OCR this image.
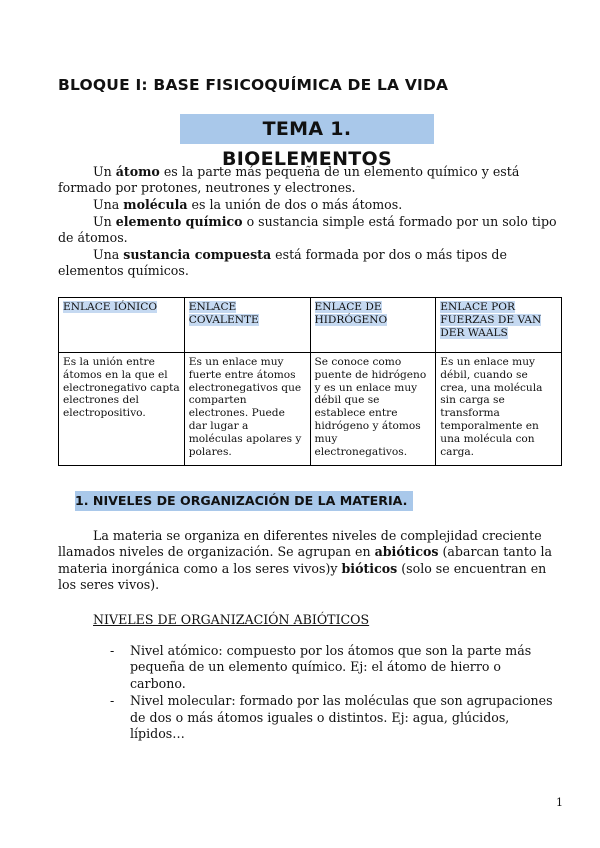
BLOQUE I: BASE FISICOQUÍMICA DE LA VIDA
TEMA 1. BIOELEMENTOS

Un átomo es la parte más pequeña de un elemento químico y está formado por protones, neutrones y electrones.

Una molécula es la unión de dos o más átomos.

Un elemento químico o sustancia simple está formado por un solo tipo de átomos.

Una sustancia compuesta está formada por dos o más tipos de elementos químicos.

ENLACE IÓNICO	ENLACE COVALENTE	ENLACE DE HIDRÓGENO	ENLACE POR FUERZAS DE VAN DER WAALS
Es la unión entre átomos en la que el electronegativo capta electrones del electropositivo.	Es un enlace muy fuerte entre átomos electronegativos que comparten electrones. Puede dar lugar a moléculas apolares y polares.	Se conoce como puente de hidrógeno y es un enlace muy débil que se establece entre hidrógeno y átomos muy electronegativos.	Es un enlace muy débil, cuando se crea, una molécula sin carga se transforma temporalmente en una molécula con carga.
1. NIVELES DE ORGANIZACIÓN DE LA MATERIA.

La materia se organiza en diferentes niveles de complejidad creciente llamados niveles de organización. Se agrupan en abióticos (abarcan tanto la materia inorgánica como a los seres vivos)y bióticos (solo se encuentran en los seres vivos).

NIVELES DE ORGANIZACIÓN ABIÓTICOS
- Nivel atómico: compuesto por los átomos que son la parte más pequeña de un elemento químico. Ej: el átomo de hierro o carbono.
- Nivel molecular: formado por las moléculas que son agrupaciones de dos o más átomos iguales o distintos. Ej: agua, glúcidos, lípidos…
1
